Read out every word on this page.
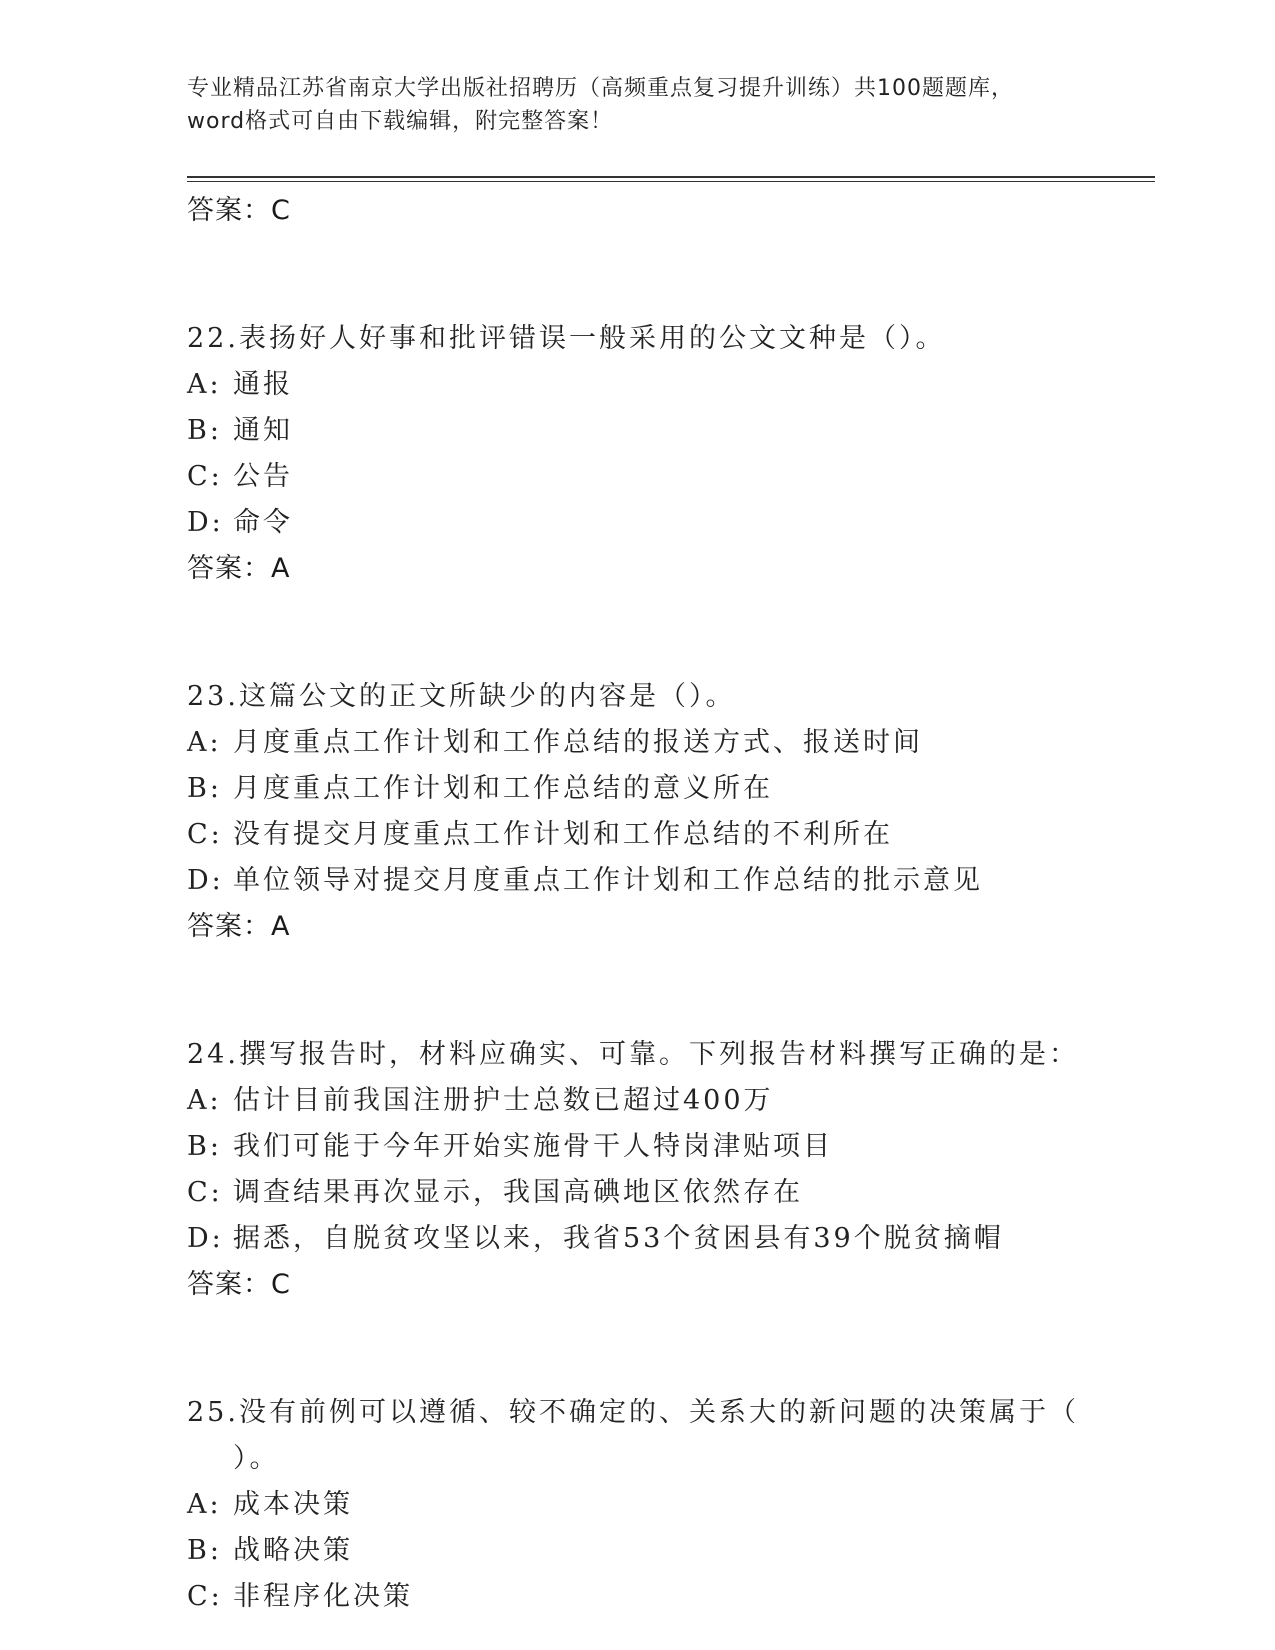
专业精品江苏省南京大学出版社招聘历（高频重点复习提升训练）共100题题库，word格式可自由下载编辑，附完整答案！
答案：C
22.表扬好人好事和批评错误一般采用的公文文种是（）。
A: 通报
B: 通知
C: 公告
D: 命令
答案：A
23.这篇公文的正文所缺少的内容是（）。
A: 月度重点工作计划和工作总结的报送方式、报送时间
B: 月度重点工作计划和工作总结的意义所在
C: 没有提交月度重点工作计划和工作总结的不利所在
D: 单位领导对提交月度重点工作计划和工作总结的批示意见
答案：A
24.撰写报告时，材料应确实、可靠。下列报告材料撰写正确的是：
A: 估计目前我国注册护士总数已超过400万
B: 我们可能于今年开始实施骨干人特岗津贴项目
C: 调查结果再次显示，我国高碘地区依然存在
D: 据悉，自脱贫攻坚以来，我省53个贫困县有39个脱贫摘帽
答案：C
25.没有前例可以遵循、较不确定的、关系大的新问题的决策属于（ ）。
A: 成本决策
B: 战略决策
C: 非程序化决策
